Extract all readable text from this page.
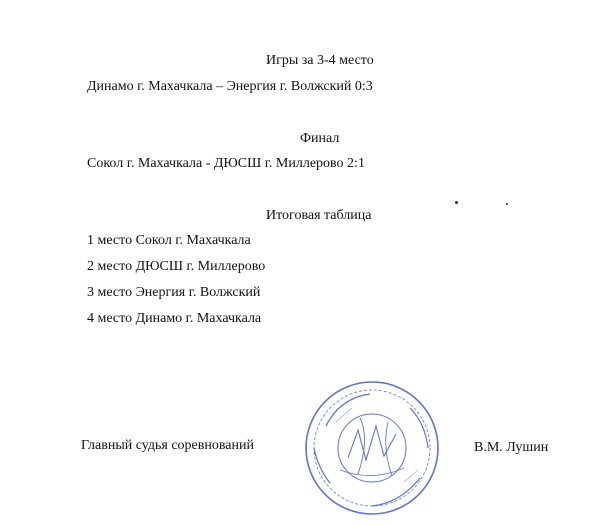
Игры за 3-4 место
Динамо г. Махачкала – Энергия г. Волжский 0:3
Финал
Сокол г. Махачкала - ДЮСШ г. Миллерово 2:1
Итоговая таблица
1 место Сокол г. Махачкала
2 место ДЮСШ г. Миллерово
3 место Энергия г. Волжский
4 место Динамо г. Махачкала
Главный судья соревнований	В.М. Лушин
